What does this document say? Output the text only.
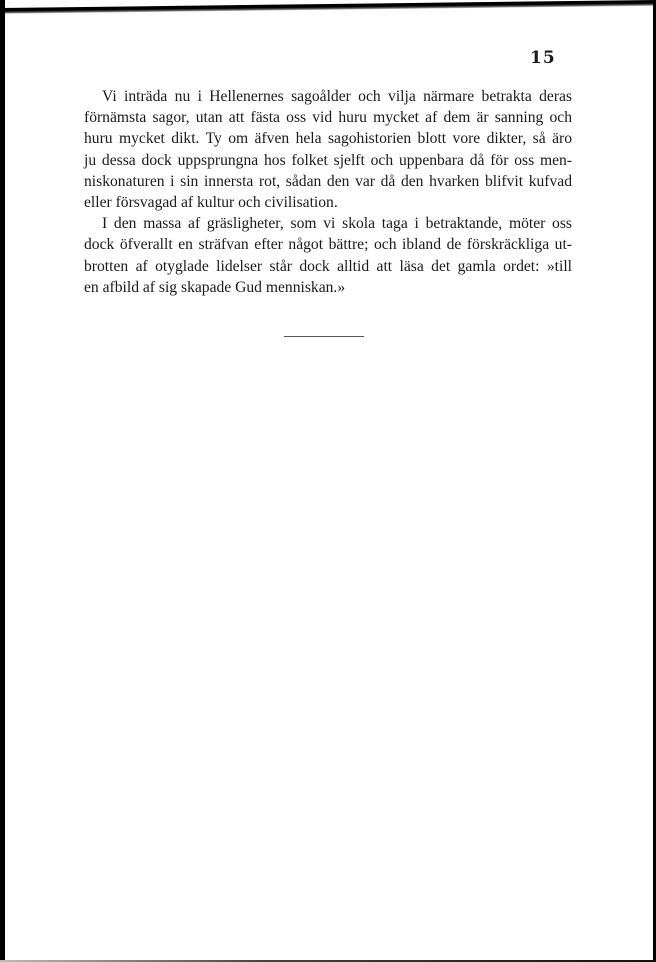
15

Vi inträda nu i Hellenernes sagoålder och vilja närmare betrakta deras
förnämsta sagor, utan att fästa oss vid huru mycket af dem är sanning och
huru mycket dikt. Ty om äfven hela sagohistorien blott vore dikter, så äro
ju dessa dock uppsprungna hos folket sjelft och uppenbara då för oss men-
niskonaturen i sin innersta rot, sådan den var då den hvarken blifvit kufvad
eller försvagad af kultur och civilisation.

I den massa af gräsligheter, som vi skola taga i betraktande, möter oss
dock öfverallt en sträfvan efter något bättre; och ibland de förskräckliga ut-
brotten af otyglade lidelser står dock alltid att läsa det gamla ordet: »till
en afbild af sig skapade Gud menniskan.»
